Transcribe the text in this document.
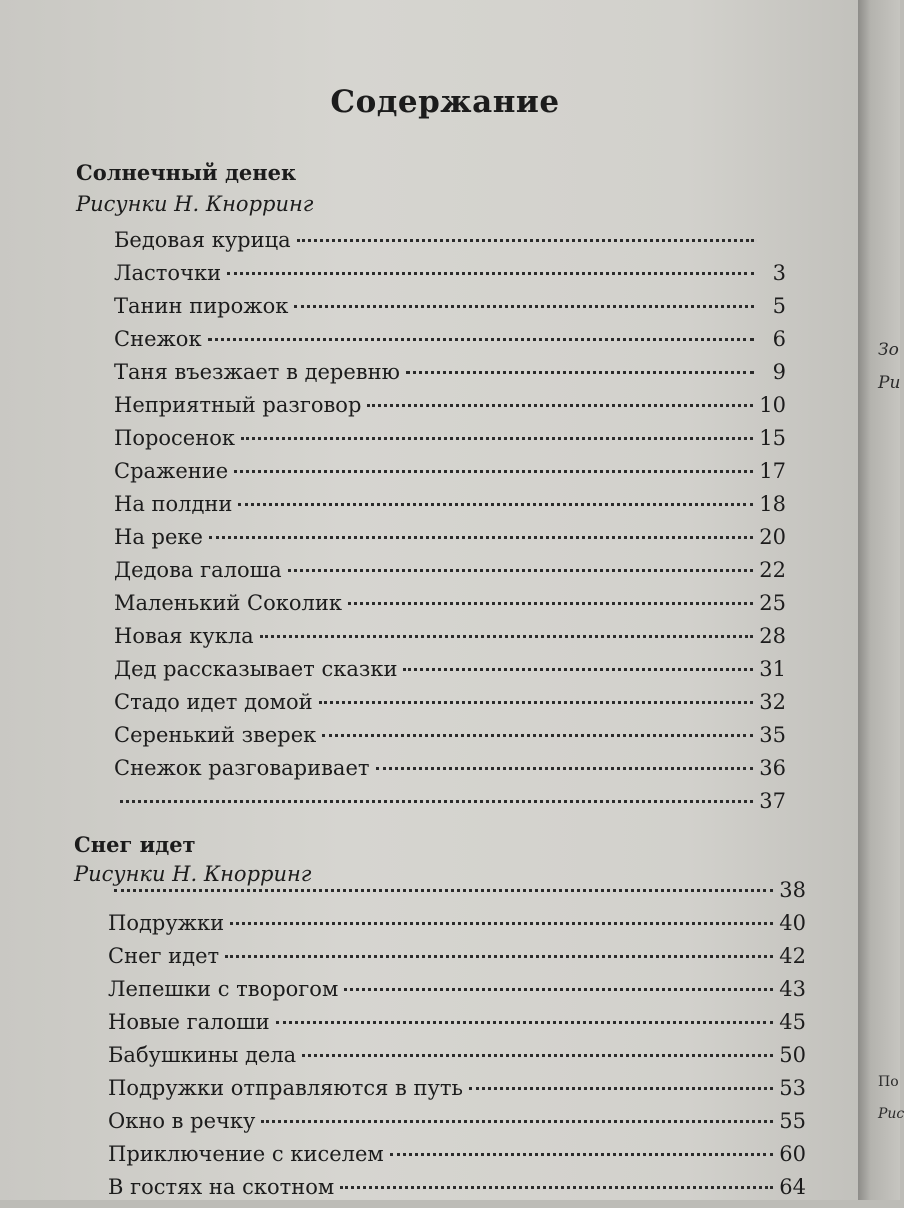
Содержание
Солнечный денек
Рисунки Н. Кнорринг
Бедовая курица
Ласточки	3
Танин пирожок	5
Снежок	6
Таня въезжает в деревню	9
Неприятный разговор	10
Поросенок	15
Сражение	17
На полдни	18
На реке	20
Дедова галоша	22
Маленький Соколик	25
Новая кукла	28
Дед рассказывает сказки	31
Стадо идет домой	32
Серенький зверек	35
Снежок разговаривает	36
37
Снег идет
Рисунки Н. Кнорринг
38
Подружки	40
Снег идет	42
Лепешки с творогом	43
Новые галоши	45
Бабушкины дела	50
Подружки отправляются в путь	53
Окно в речку	55
Приключение с киселем	60
В гостях на скотном	64
Зо
Ри
По
Рис
